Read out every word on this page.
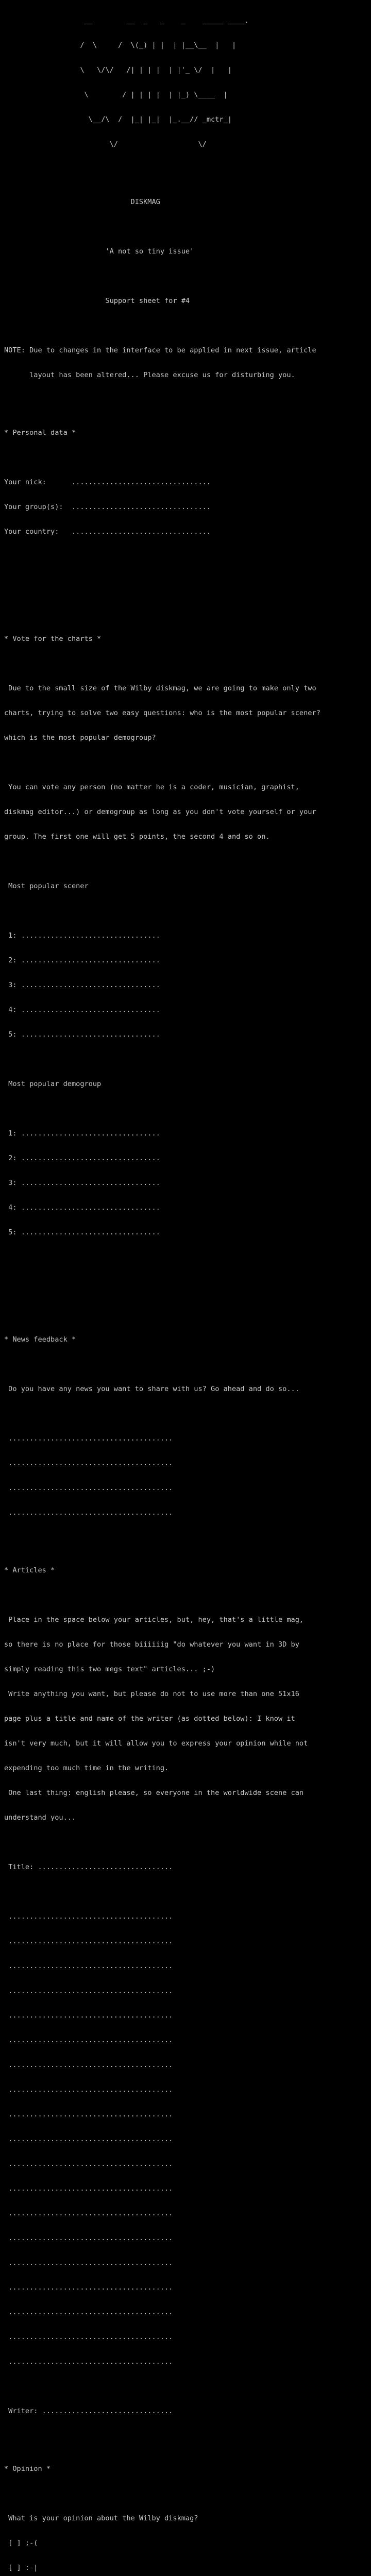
__        __  _   _    _    _____ ____.

/  \     /  \(_) | |  | |__\__  |   |

\   \/\/   /| | | |  | |'_ \/  |   |

\        / | | | |  | |_) \____  |

\__/\  /  |_| |_|  |_.__// _mctr_|

\/                   \/

DISKMAG

'A not so tiny issue'

Support sheet for #4

NOTE: Due to changes in the interface to be applied in next issue, article

layout has been altered... Please excuse us for disturbing you.

* Personal data *

Your nick:      .................................

Your group(s):  .................................

Your country:   .................................

* Vote for the charts *

Due to the small size of the Wilby diskmag, we are going to make only two

charts, trying to solve two easy questions: who is the most popular scener?

which is the most popular demogroup?

You can vote any person (no matter he is a coder, musician, graphist,

diskmag editor...) or demogroup as long as you don't vote yourself or your

group. The first one will get 5 points, the second 4 and so on.

Most popular scener

1: .................................

2: .................................

3: .................................

4: .................................

5: .................................

Most popular demogroup

1: .................................

2: .................................

3: .................................

4: .................................

5: .................................

* News feedback *

Do you have any news you want to share with us? Go ahead and do so...

.......................................

.......................................

.......................................

.......................................

* Articles *

Place in the space below your articles, but, hey, that's a little mag,

so there is no place for those biiiiiig "do whatever you want in 3D by

simply reading this two megs text" articles... ;-)

Write anything you want, but please do not to use more than one 51x16

page plus a title and name of the writer (as dotted below): I know it

isn't very much, but it will allow you to express your opinion while not

expending too much time in the writing.

One last thing: english please, so everyone in the worldwide scene can

understand you...

Title: ................................

.......................................

.......................................

.......................................

.......................................

.......................................

.......................................

.......................................

.......................................

.......................................

.......................................

.......................................

.......................................

.......................................

.......................................

.......................................

.......................................

.......................................

.......................................

.......................................

Writer: ...............................

* Opinion *

What is your opinion about the Wilby diskmag?

[ ] ;-(

[ ] :-|
